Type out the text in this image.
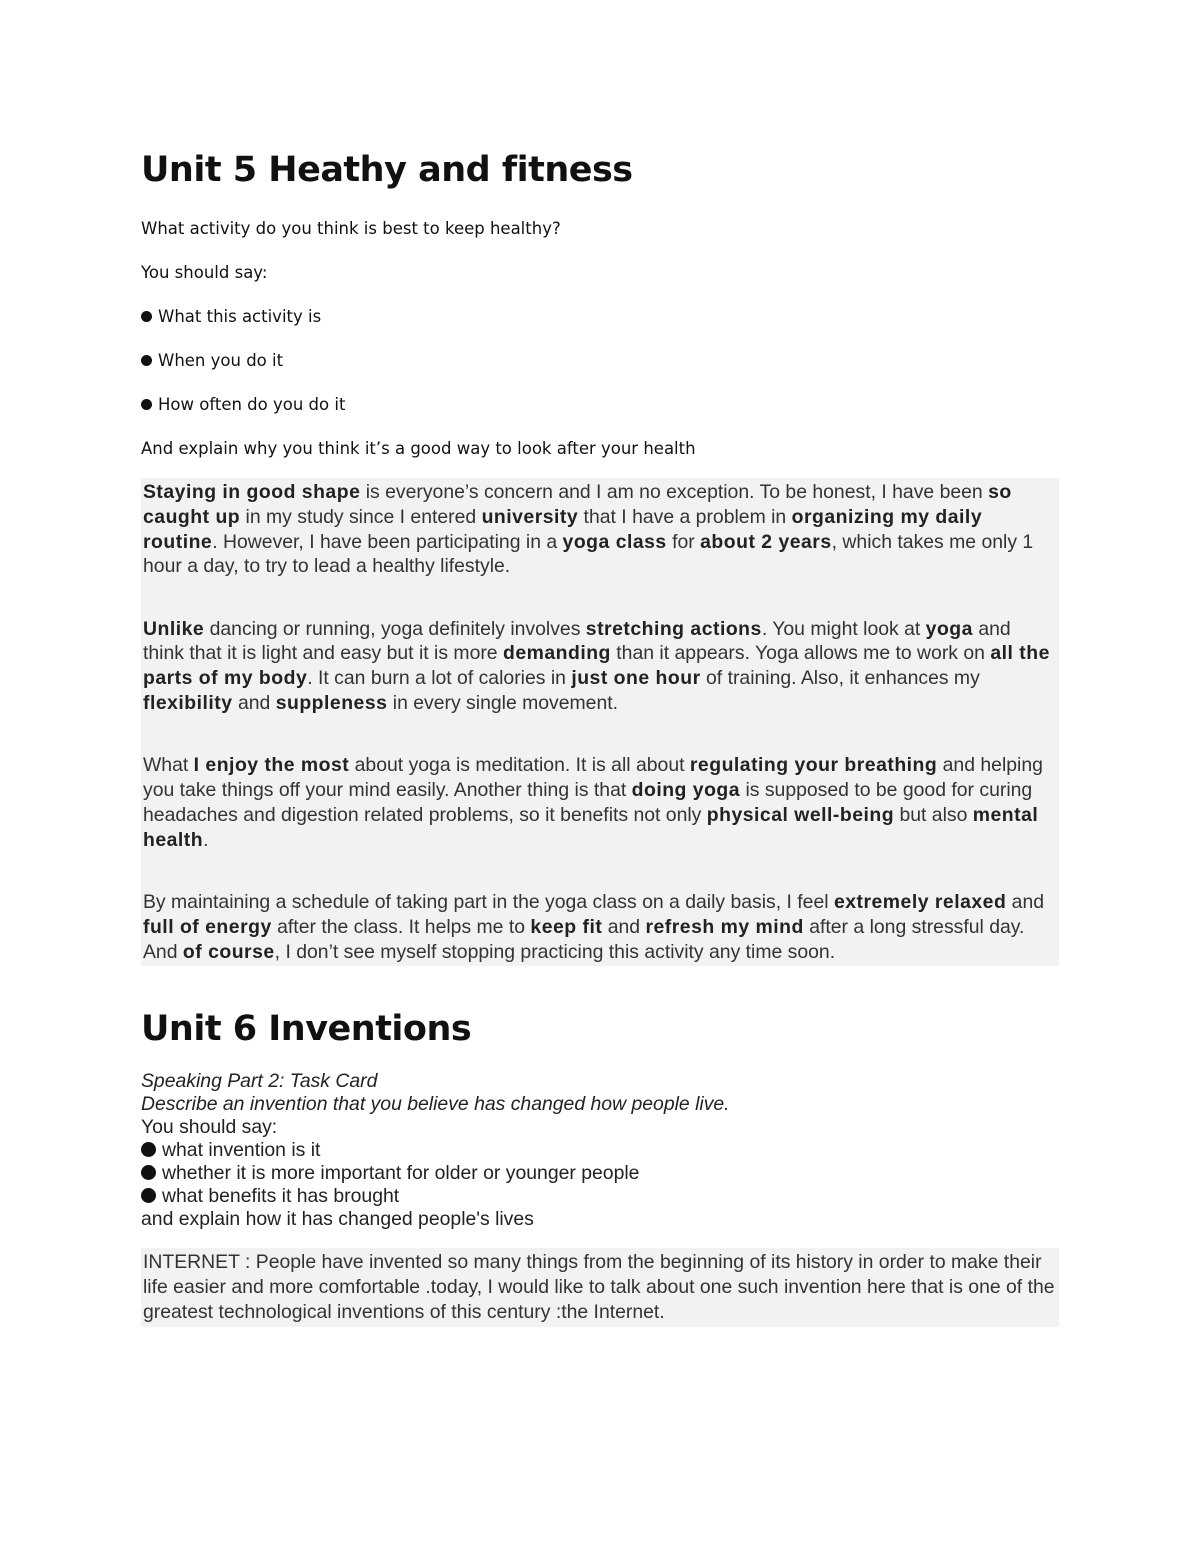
Unit 5 Heathy and fitness

What activity do you think is best to keep healthy?

You should say:

What this activity is

When you do it

How often do you do it

And explain why you think it’s a good way to look after your health

Staying in good shape is everyone’s concern and I am no exception. To be honest, I have been so caught up in my study since I entered university that I have a problem in organizing my daily routine. However, I have been participating in a yoga class for about 2 years, which takes me only 1 hour a day, to try to lead a healthy lifestyle.

Unlike dancing or running, yoga definitely involves stretching actions. You might look at yoga and think that it is light and easy but it is more demanding than it appears. Yoga allows me to work on all the parts of my body. It can burn a lot of calories in just one hour of training. Also, it enhances my flexibility and suppleness in every single movement.

What I enjoy the most about yoga is meditation. It is all about regulating your breathing and helping you take things off your mind easily. Another thing is that doing yoga is supposed to be good for curing headaches and digestion related problems, so it benefits not only physical well-being but also mental health.

By maintaining a schedule of taking part in the yoga class on a daily basis, I feel extremely relaxed and full of energy after the class. It helps me to keep fit and refresh my mind after a long stressful day. And of course, I don’t see myself stopping practicing this activity any time soon.

Unit 6 Inventions
Speaking Part 2: Task Card
Describe an invention that you believe has changed how people live.
You should say:
what invention is it
whether it is more important for older or younger people
what benefits it has brought
and explain how it has changed people's lives

INTERNET : People have invented so many things from the beginning of its history in order to make their life easier and more comfortable .today, I would like to talk about one such invention here that is one of the greatest technological inventions of this century :the Internet.
